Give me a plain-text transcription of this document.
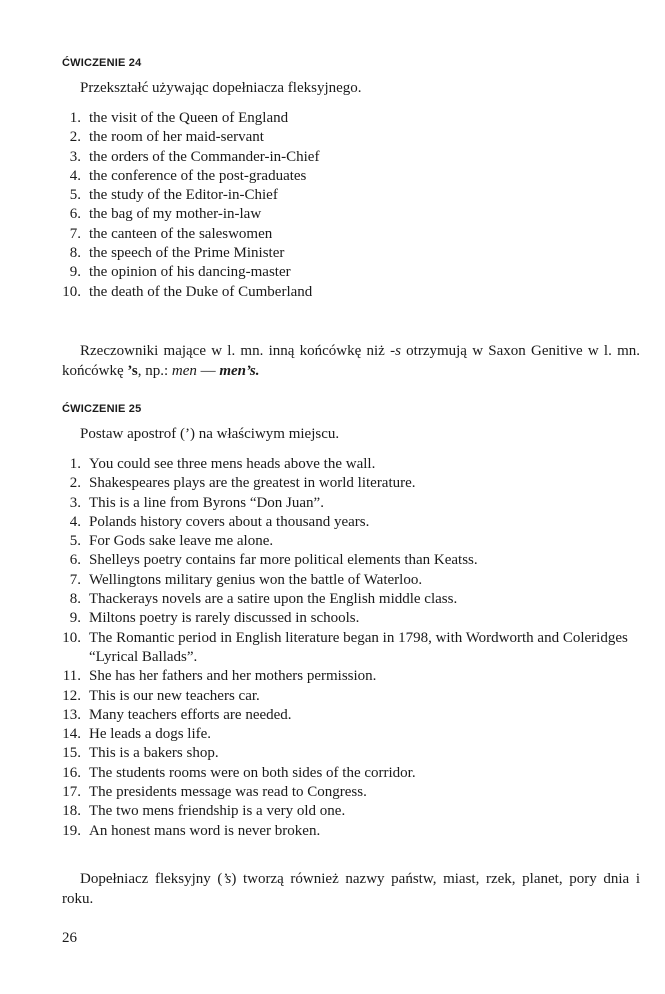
ĆWICZENIE 24
Przekształć używając dopełniacza fleksyjnego.
1. the visit of the Queen of England
2. the room of her maid-servant
3. the orders of the Commander-in-Chief
4. the conference of the post-graduates
5. the study of the Editor-in-Chief
6. the bag of my mother-in-law
7. the canteen of the saleswomen
8. the speech of the Prime Minister
9. the opinion of his dancing-master
10. the death of the Duke of Cumberland

Rzeczowniki mające w l. mn. inną końcówkę niż -s otrzymują w Saxon Genitive w l. mn. końcówkę ’s, np.: men — men’s.

ĆWICZENIE 25
Postaw apostrof (’) na właściwym miejscu.
1. You could see three mens heads above the wall.
2. Shakespeares plays are the greatest in world literature.
3. This is a line from Byrons “Don Juan”.
4. Polands history covers about a thousand years.
5. For Gods sake leave me alone.
6. Shelleys poetry contains far more political elements than Keatss.
7. Wellingtons military genius won the battle of Waterloo.
8. Thackerays novels are a satire upon the English middle class.
9. Miltons poetry is rarely discussed in schools.
10. The Romantic period in English literature began in 1798, with Wordworth and Coleridges “Lyrical Ballads”.
11. She has her fathers and her mothers permission.
12. This is our new teachers car.
13. Many teachers efforts are needed.
14. He leads a dogs life.
15. This is a bakers shop.
16. The students rooms were on both sides of the corridor.
17. The presidents message was read to Congress.
18. The two mens friendship is a very old one.
19. An honest mans word is never broken.

Dopełniacz fleksyjny (’s) tworzą również nazwy państw, miast, rzek, planet, pory dnia i roku.

26
